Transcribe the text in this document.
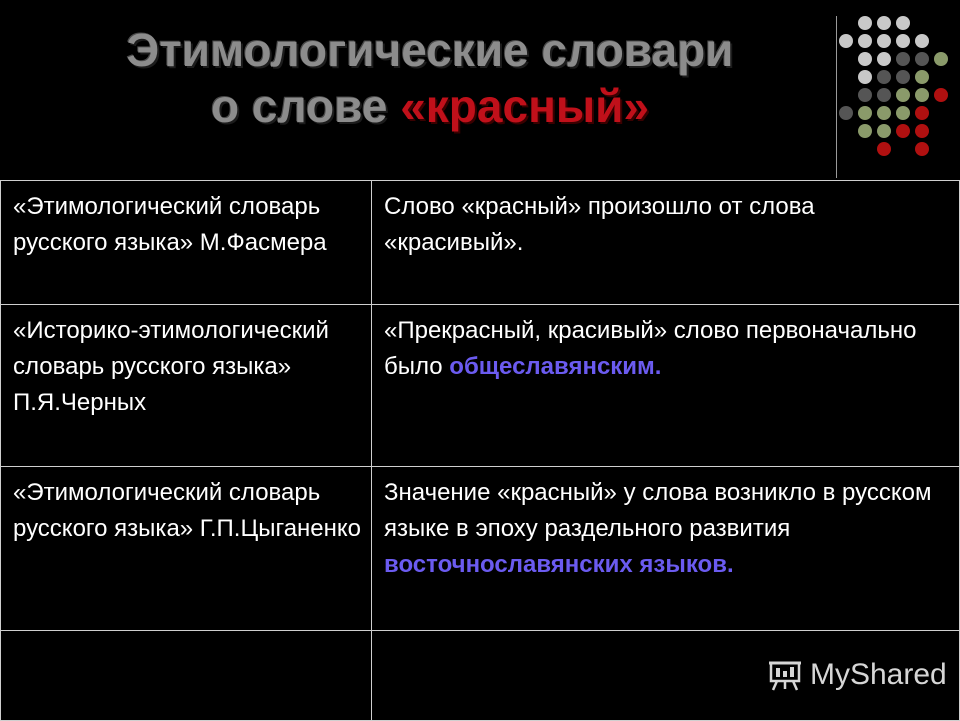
Этимологические словари
о слове «красный»
«Этимологический словарь русского языка» М.Фасмера	Слово «красный» произошло от слова «красивый».
«Историко-этимологический словарь русского языка» П.Я.Черных	«Прекрасный, красивый» слово первоначально было общеславянским.
«Этимологический словарь русского языка» Г.П.Цыганенко	Значение «красный» у слова возникло в русском языке в эпоху раздельного развития восточнославянских языков.

MyShared
